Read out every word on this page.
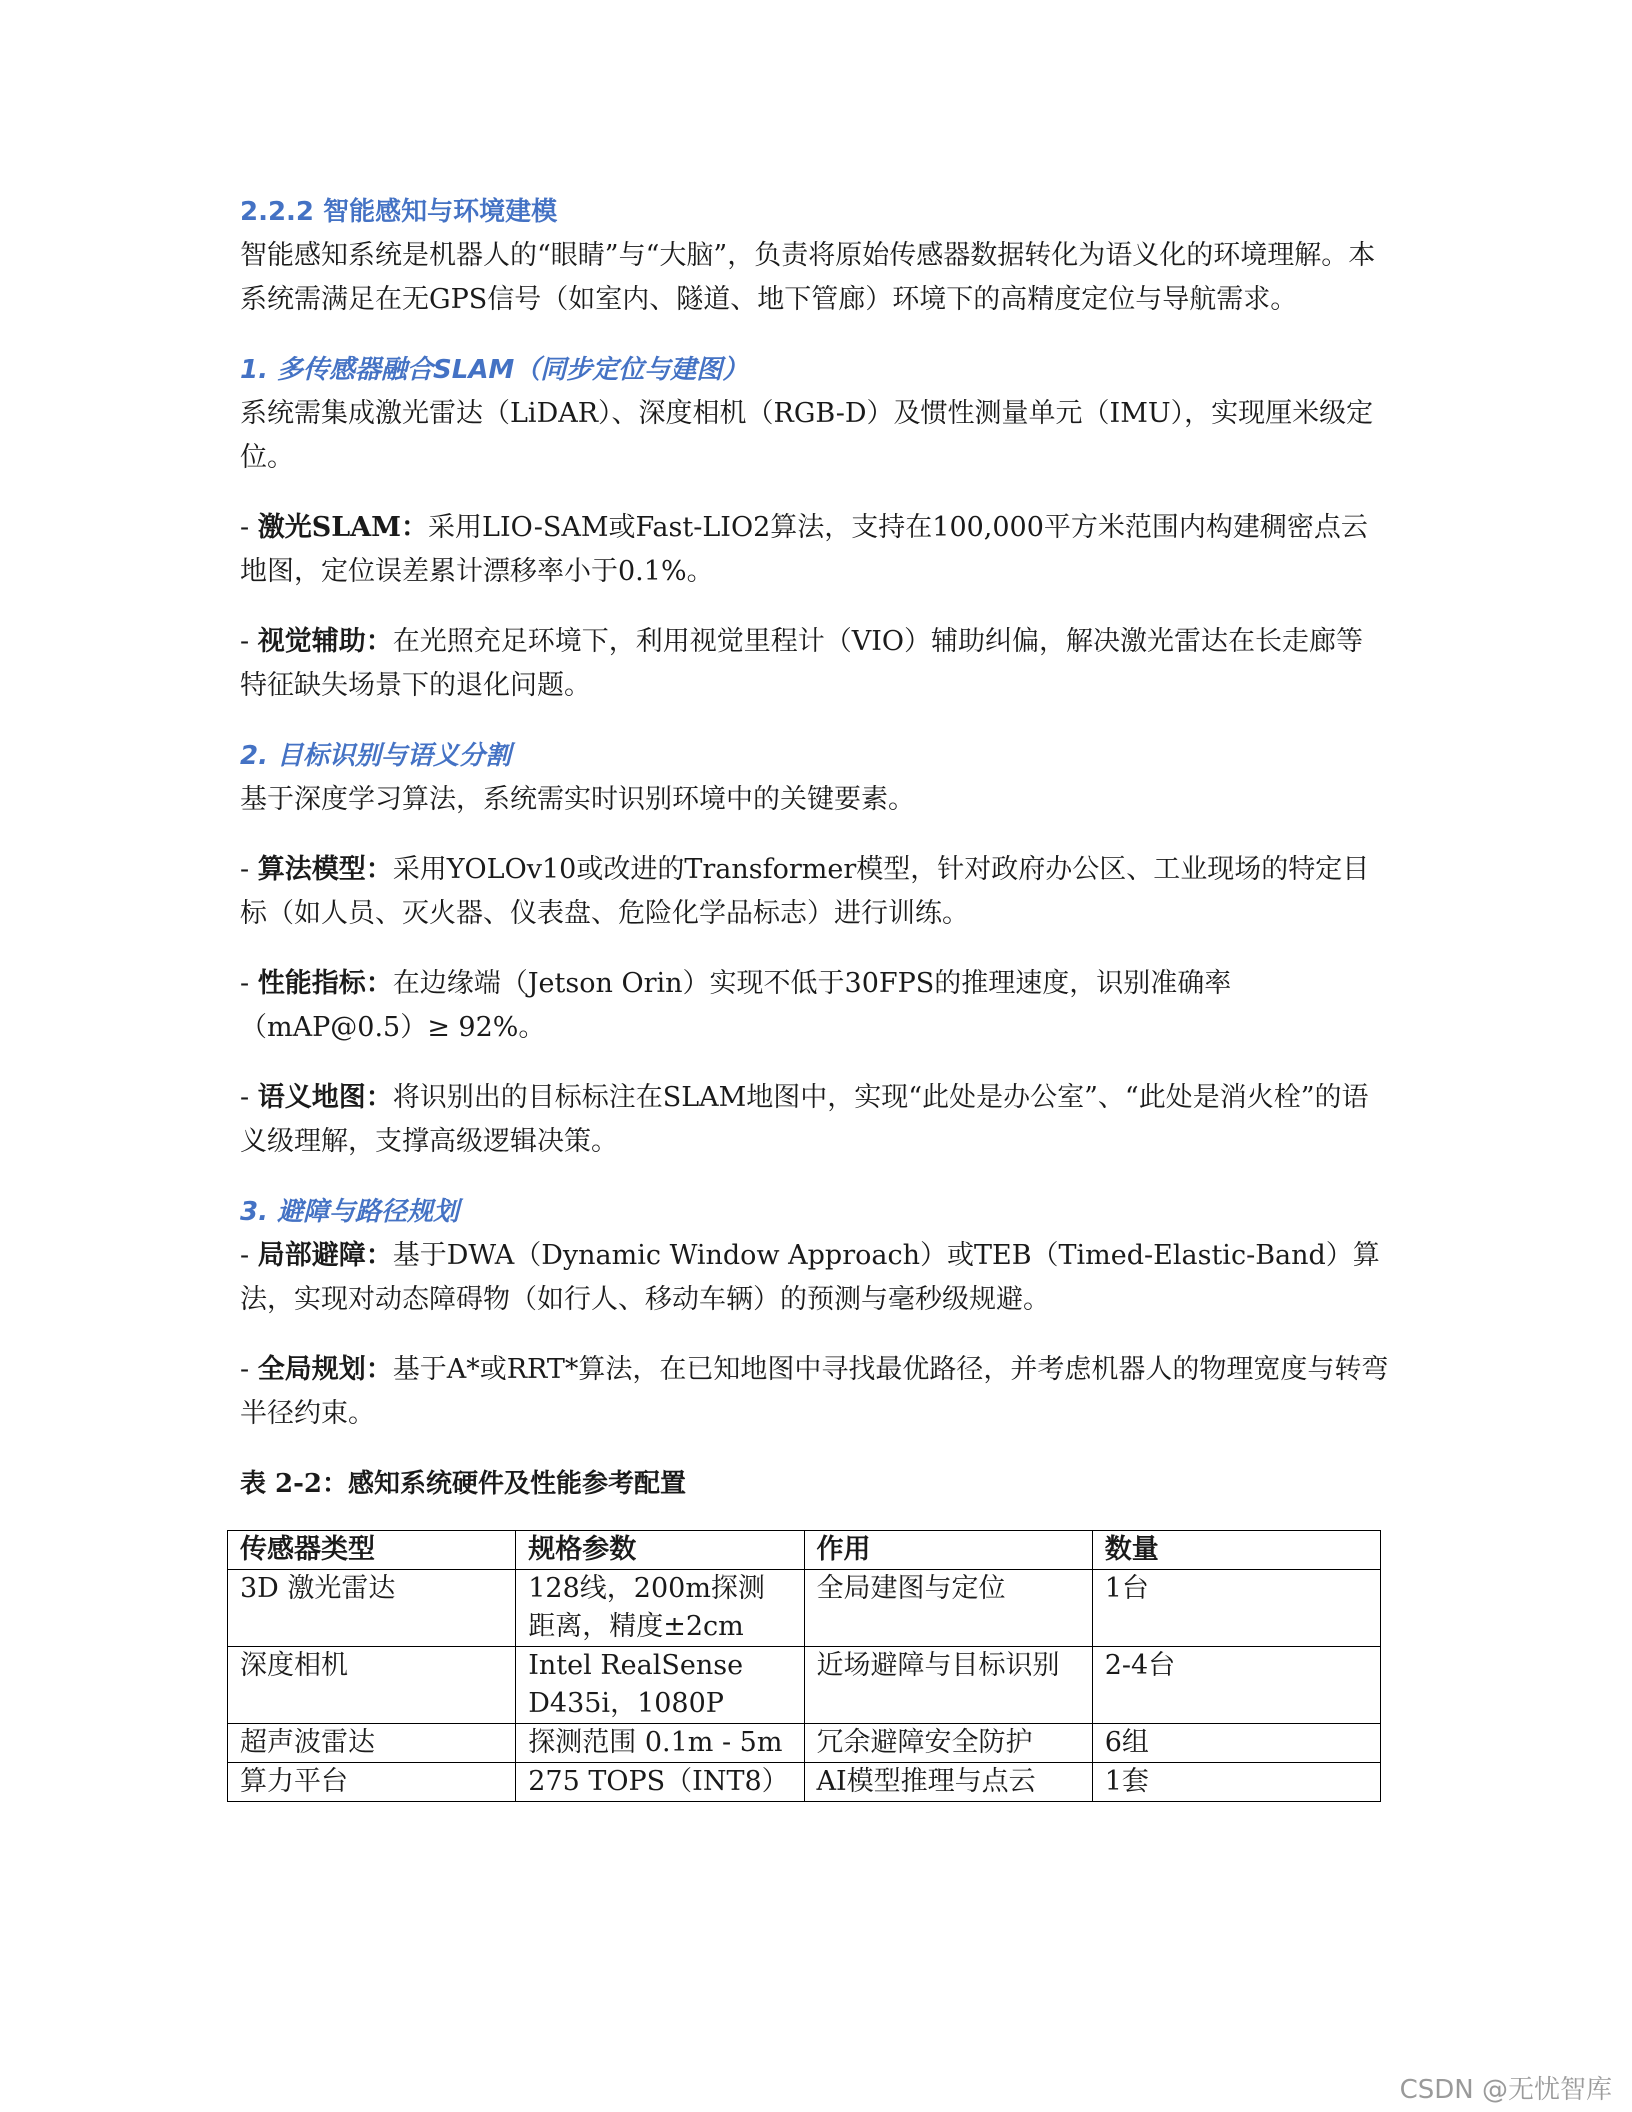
2.2.2 智能感知与环境建模

智能感知系统是机器人的“眼睛”与“大脑”，负责将原始传感器数据转化为语义化的环境理解。本系统需满足在无GPS信号（如室内、隧道、地下管廊）环境下的高精度定位与导航需求。

1. 多传感器融合SLAM（同步定位与建图）

系统需集成激光雷达（LiDAR）、深度相机（RGB-D）及惯性测量单元（IMU），实现厘米级定位。

- 激光SLAM：采用LIO-SAM或Fast-LIO2算法，支持在100,000平方米范围内构建稠密点云地图，定位误差累计漂移率小于0.1%。

- 视觉辅助：在光照充足环境下，利用视觉里程计（VIO）辅助纠偏，解决激光雷达在长走廊等特征缺失场景下的退化问题。

2. 目标识别与语义分割

基于深度学习算法，系统需实时识别环境中的关键要素。

- 算法模型：采用YOLOv10或改进的Transformer模型，针对政府办公区、工业现场的特定目标（如人员、灭火器、仪表盘、危险化学品标志）进行训练。

- 性能指标：在边缘端（Jetson Orin）实现不低于30FPS的推理速度，识别准确率（mAP@0.5）≥ 92%。

- 语义地图：将识别出的目标标注在SLAM地图中，实现“此处是办公室”、“此处是消火栓”的语义级理解，支撑高级逻辑决策。

3. 避障与路径规划

- 局部避障：基于DWA（Dynamic Window Approach）或TEB（Timed-Elastic-Band）算法，实现对动态障碍物（如行人、移动车辆）的预测与毫秒级规避。

- 全局规划：基于A*或RRT*算法，在已知地图中寻找最优路径，并考虑机器人的物理宽度与转弯半径约束。

表 2-2：感知系统硬件及性能参考配置

传感器类型	规格参数	作用	数量
3D 激光雷达	128线，200m探测距离，精度±2cm	全局建图与定位	1台
深度相机	Intel RealSense D435i，1080P	近场避障与目标识别	2-4台
超声波雷达	探测范围 0.1m - 5m	冗余避障安全防护	6组
算力平台	275 TOPS（INT8）	AI模型推理与点云	1套
CSDN @无忧智库
